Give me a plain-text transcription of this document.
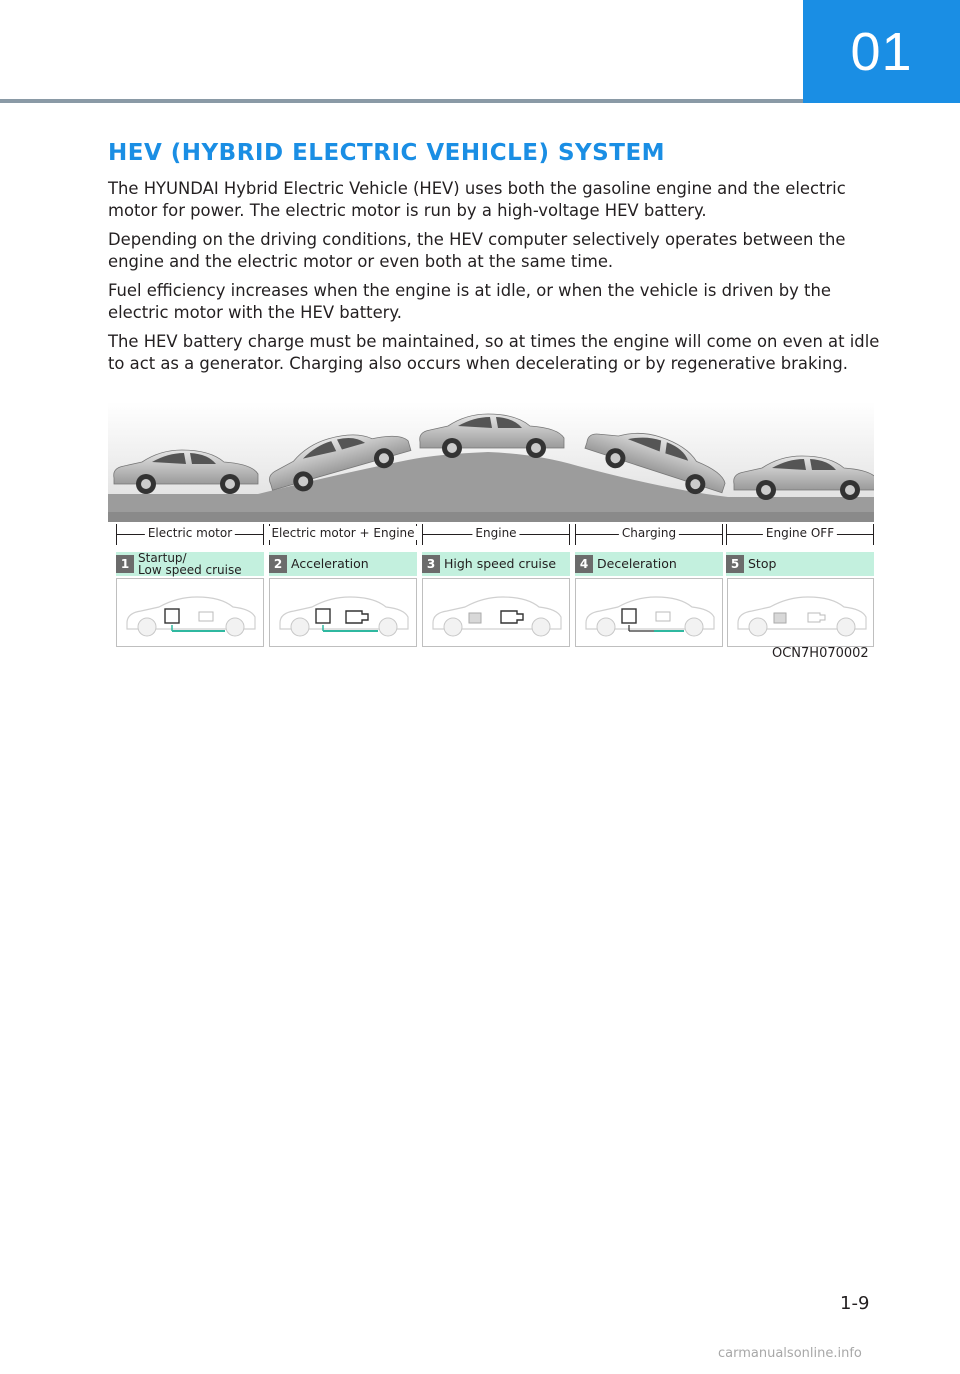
01
HEV (HYBRID ELECTRIC VEHICLE) SYSTEM

The HYUNDAI Hybrid Electric Vehicle (HEV) uses both the gasoline engine and the electric motor for power. The electric motor is run by a high-voltage HEV battery.

Depending on the driving conditions, the HEV computer selectively operates between the engine and the electric motor or even both at the same time.

Fuel efficiency increases when the engine is at idle, or when the vehicle is driven by the electric motor with the HEV battery.

The HEV battery charge must be maintained, so at times the engine will come on even at idle to act as a generator. Charging also occurs when decelerating or by regenerative braking.

Electric motor	Electric motor + Engine	Engine	Charging	Engine OFF
1 Startup/
Low speed cruise	2 Acceleration	3 High speed cruise	4 Deceleration	5 Stop
OCN7H070002
1-9
carmanualsonline.info
